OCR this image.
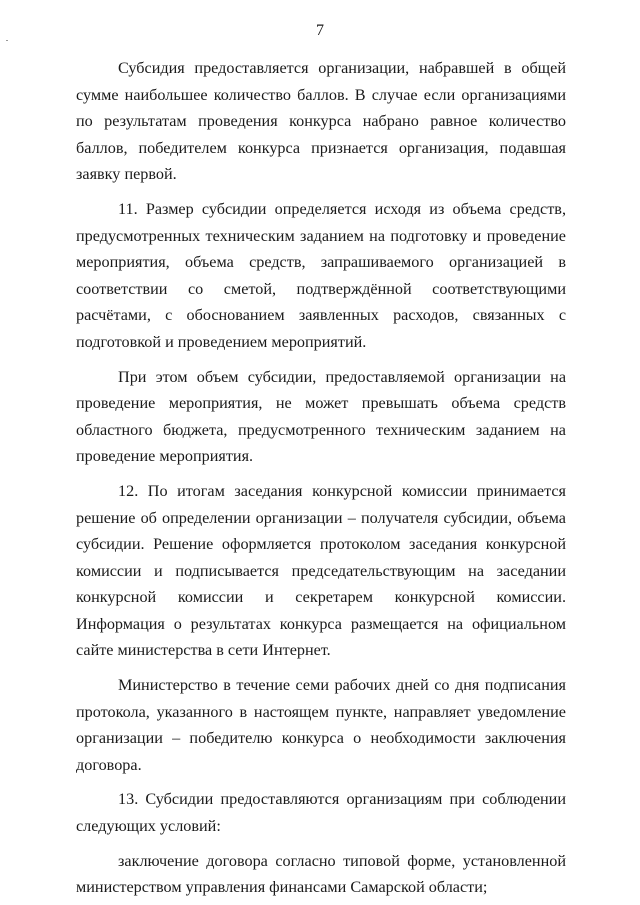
7

Субсидия предоставляется организации, набравшей в общей сумме наибольшее количество баллов. В случае если организациями по результатам проведения конкурса набрано равное количество баллов, победителем конкурса признается организация, подавшая заявку первой.

11. Размер субсидии определяется исходя из объема средств, предусмотренных техническим заданием на подготовку и проведение мероприятия, объема средств, запрашиваемого организацией в соответствии со сметой, подтверждённой соответствующими расчётами, с обоснованием заявленных расходов, связанных с подготовкой и проведением мероприятий.

При этом объем субсидии, предоставляемой организации на проведение мероприятия, не может превышать объема средств областного бюджета, предусмотренного техническим заданием на проведение мероприятия.

12. По итогам заседания конкурсной комиссии принимается решение об определении организации – получателя субсидии, объема субсидии. Решение оформляется протоколом заседания конкурсной комиссии и подписывается председательствующим на заседании конкурсной комиссии и секретарем конкурсной комиссии. Информация о результатах конкурса размещается на официальном сайте министерства в сети Интернет.

Министерство в течение семи рабочих дней со дня подписания протокола, указанного в настоящем пункте, направляет уведомление организации – победителю конкурса о необходимости заключения договора.

13. Субсидии предоставляются организациям при соблюдении следующих условий:

заключение договора согласно типовой форме, установленной министерством управления финансами Самарской области;
